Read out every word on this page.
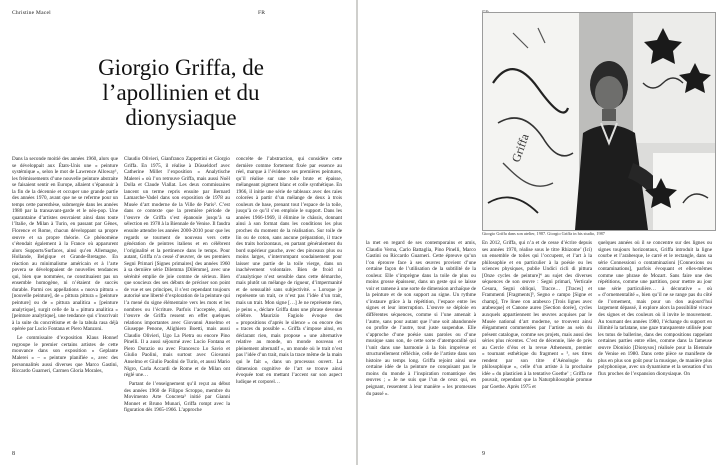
Christine Macel	FR
Giorgio Griffa, de l’apollinien et du dionysiaque

Dans la seconde moitié des années 1960, alors que se développait aux États-Unis une « peinture systémique », selon le mot de Lawrence Alloway¹, les frémissements d’une nouvelle peinture abstraite se faisaient sentir en Europe, allaient s’épanouir à la fin de la décennie et occuper une grande partie des années 1970, avant que ne se referme pour un temps cette parenthèse, submergée dans les années 1980 par la transavant-garde et le néo-pop. Une quarantaine d’artistes œuvraient ainsi dans toute l’Italie, de Milan à Turin, en passant par Gênes, Florence et Rome, chacun développant sa propre œuvre et sa propre théorie. Ce phénomène s’étendait également à la France où apparurent alors Supports/Surfaces, ainsi qu’en Allemagne, Hollande, Belgique et Grande-Bretagne. En réaction au minimalisme américain et à l’arte povera se développaient de nouvelles tendances qui, bien que nommées, ne constituaient pas un ensemble homogène, ni n’étaient de succès durable. Parmi ces appellations « nuova pittura » [nouvelle peinture], de « pittura pittura » [peinture peinture] ou de « pittura analitica » [peinture analytique], surgit celle de la « pittura analitica » [peinture analytique], une tendance qui s’inscrivait à la suite du concrétisme et de la tabula rasa déjà opérée par Lucio Fontana et Piero Manzoni.

Le commissaire d’exposition Klaus Honnef regroupe le premier certains artistes de cette mouvance dans son exposition « Geplante Malerei » – « peinture planifiée », avec des personnalités aussi diverses que Marco Gastini, Riccardo Guarneri, Carmen Gloria Morales,

Claudio Olivieri, Gianfranco Zappettini et Giorgio Griffa. En 1975, il réalise à Düsseldorf avec Catherine Millet l’exposition « Analytische Malerei » où l’on retrouve Griffa, mais aussi Noël Dolla et Claude Viallat. Les deux commissaires lancent un terme repris ensuite par Bernard Lamarche-Vadel dans son exposition de 1978 au Musée d’art moderne de la Ville de Paris². C’est dans ce contexte que la première période de l’œuvre de Griffa s’est épanouie jusqu’à sa sélection en 1978 à la Biennale de Venise. Il faudra ensuite attendre les années 2000-2010 pour que les regards se tournent de nouveau vers cette génération de peintres italiens et en célèbrent l’originalité et la pertinence dans le temps. Pour autant, Griffa n’a cessé d’œuvrer, de ses premiers Segni Primari [Signes primaires] des années 1960 à sa dernière série Dilemma [Dilèmme], avec une sérénité emplie de joie comme de sérieux. Bien que soucieux des ses débuts de préciser son point de vue et ses principes, il s’est cependant toujours autorisé une liberté d’exploration de la peinture qui l’a mené du signe élémentaire vers les mots et les nombres ou l’écriture. Parfois l’acceptée, ainsi, l’œuvre de Griffa ressent en effet quelques relations importantes avec Giovanni Anselmo et Giuseppe Penone, Alighiero Boetti, mais aussi Claudio Olivieri, Ugo La Pietra ou encore Pino Pinelli. Il a aussi séjourné avec Lucio Fontana et Piero Dorazio ou avec Francesco Lo Savio et Giulio Paolini, mais surtout avec Giovanni Anselmo et Giulio Paolini de Turin, et aussi Mario Nigro, Carla Accardi de Rome et de Milan ont réglé une…

Partant de l’enseignement qu’il reçut au début des années 1960 de Filippo Scroppo, membre du Movimento Arte Concreta³ initié par Gianni Monnet et Bruno Munari, Griffa rompt avec la figuration dès 1965-1966. L’approche

concrète de l’abstraction, qui considère cette dernière comme fortement fixée par essence au réel, marque à l’évidence ses premières peintures, qu’il réalise sur une toile brute et épaisse, mélangeant pigment blanc et colle synthétique. En 1966, il initie une série de tableaux avec des raies colorées à partir d’un mélange de deux à trois couleurs de base, prenant tout l’espace de la toile, jusqu’à ce qu’il s’en emploie le support. Dans les années 1966-1969, il élimine le châssis, donnant ainsi à son format dans les conditions les plus proches du moment de la réalisation. Sur toile de lin ou de coton, sans aucune préparation, il trace des traits horizontaux, en partant généralement du bord supérieur gauche, avec des pinceaux plus ou moins larges, s’interrompant soudainement pour laisser une partie de la toile vierge, dans un inachèvement volontaire. Bien de froid ni d’analytique n’est sensible dans cette démarche, mais plutôt un mélange de rigueur, d’impermanité et de sensualité sans subjectivité. « Lorsque je représente un trait, ce n’est pas l’idée d’un trait, mais un trait. Mon signe […] Je ne représente rien, je peins », déclare Griffa dans une phrase devenue célèbre. Maurizio Fagiolo évoque des « propositions d’après le silence » ou encore des « traces du possible ». Griffa s’impose ainsi, en déclarant rien, mais propose « une alternative relative au monde, un monde nouveau et pleinement alternatif », un monde où le trait n’est pas l’idée d’un trait, mais la trace même de la main qui le fait », dans un processus ouvert. La dimension cognitive de l’art se trouve ainsi évoquée tout en mettant l’accent sur son aspect ludique et corporel…

8
Griffa
Giorgio Griffa dans son atelier, 1987. Giorgio Griffa in his studio, 1987

la met en regard de ses contemporains et amis, Claudio Verna, Carlo Battaglia, Pino Pinelli, Marco Gastini ou Riccardo Guarneri. Cette épreuve qu’un l’on éprouve face à ses œuvres provient d’une certaine façon de l’utilisation de la subtilité de la couleur. Elle s’imprègne dans la toile de plus ou moins grosse épaisseur, dans un geste qui se laisse voir et ramene à une sorte de dimension archaïque de la peinture et de son support au signe. Un rythme s’instaure grâce à la répétition, l’espace entre les signes et leur interruption. L’œuvre se déploie en différentes séquences, comme si l’une amenait à l’autre, sans pour autant que l’une soit abandonnée ou profite de l’autre, tout juste suspendue. Elle s’approche d’une poésie sans paroles ou d’une musique sans son, de cette sorte d’atemporalité qui l’unit dans une harmonie à la fois imprévue et structurellement réfléchie, celle de l’artiste dans son histoire au temps long. Griffa rejoint ainsi une certaine idée de la peinture ne conquisant pas le moins du monde à l’inspiration romantique des œuvres ; « Je ne suis que l’un de ceux qui, en peignant, ressentent à leur manière « les promesses du passé ».

En 2012, Griffa, qui n’a et de cesse d’écrire depuis ses années 1970, réalise sous le titre Rhizome’ (Ici) un ensemble de toiles qui l’occupent, et l’art à la philosophie et en particulier à la poésie ou les sciences physiques, publie Undici cicli di pittura [Onze cycles de peinture]⁴ au sujet des diverses séquences de son œuvre : Segni primari, Verticale Cesura, Segni obliqui, Tracce… [Traces] et Frammenti [Fragments]⁵, Segno e campo [Signe et champ], Tre linee con arabesco [Trois lignes avec arabesque] et Canone aureo [Section dorée], cycles auxquels appartiennent les œuvres acquises par le Musée national d’art moderne, se trouvent ainsi élégamment commentées par l’artiste au sein du présent catalogue, comme ses projets, mais aussi des séries plus récentes. C’est de décennie, liée de près au Cercle d’éns et la revue Atheneum, premier « tournant esthétique du fragment » ⁵, ses titres rendent par son titre d’Aénologie du philosophique », celle d’un artiste à la prochaine idée » du plasticien à la tentative Goethe’ ; Griffa ne pouvait, cependant que la Naturphilosophie promue par Goethe. Après 1975 et

quelques années où il se concentre sur des lignes ou signes toujours horizontaux, Griffa introduit la ligne courbe et l’arabesque, le carré et le rectangle, dans sa série Connessioni o contaminazioni [Connexions ou contaminations], parfois évoquant et elles-mêmes comme une phrase de Mozart. Sans faire une des répétitions, comme une partition, pour mettre au jour une série particulière… à décorative » où « d’ornementalité », bien qu’il ne se range pas du côté de l’ornement, mais pour un don aujourd’hui largement dépassé, il explore alors la possibilité vivace des signes et des couleurs où il invite le mouvement. Au tournant des années 1980, l’échange du support en illimité la tarlatane, une gaze transparente utilisée pour les tutus de ballerine, dans des compositions rappelant certaines parties entre elles, comme dans la fameuse œuvre Dionisio [Dionysos] réalisée pour la Biennale de Venise en 1980. Dans cette pièce se manifeste de plus en plus son goût pour la musique, de manière plus polyphonique, avec un dynamisme et la sensation d’un flux proches de l’expansion dionysiaque. On

9
